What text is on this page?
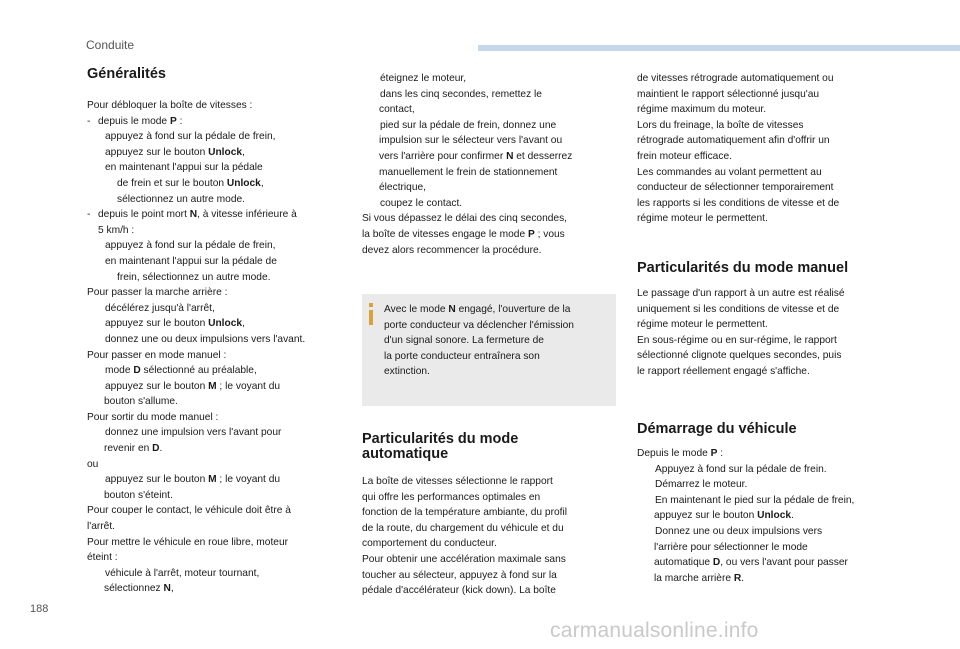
Conduite
Généralités
Pour débloquer la boîte de vitesses :
- depuis le mode P :
appuyez à fond sur la pédale de frein,
appuyez sur le bouton Unlock,
en maintenant l'appui sur la pédale
de frein et sur le bouton Unlock,
sélectionnez un autre mode.
- depuis le point mort N, à vitesse inférieure à
5 km/h :
appuyez à fond sur la pédale de frein,
en maintenant l'appui sur la pédale de
frein, sélectionnez un autre mode.
Pour passer la marche arrière :
décélérez jusqu'à l'arrêt,
appuyez sur le bouton Unlock,
donnez une ou deux impulsions vers l'avant.
Pour passer en mode manuel :
mode D sélectionné au préalable,
appuyez sur le bouton M ; le voyant du
bouton s'allume.
Pour sortir du mode manuel :
donnez une impulsion vers l'avant pour
revenir en D.
ou
appuyez sur le bouton M ; le voyant du
bouton s'éteint.
Pour couper le contact, le véhicule doit être à
l'arrêt.
Pour mettre le véhicule en roue libre, moteur
éteint :
véhicule à l'arrêt, moteur tournant,
sélectionnez N,
éteignez le moteur,
dans les cinq secondes, remettez le
contact,
pied sur la pédale de frein, donnez une
impulsion sur le sélecteur vers l'avant ou
vers l'arrière pour confirmer N et desserrez
manuellement le frein de stationnement
électrique,
coupez le contact.
Si vous dépassez le délai des cinq secondes,
la boîte de vitesses engage le mode P ; vous
devez alors recommencer la procédure.
Avec le mode N engagé, l'ouverture de la
porte conducteur va déclencher l'émission
d'un signal sonore. La fermeture de
la porte conducteur entraînera son
extinction.
Particularités du mode
automatique
La boîte de vitesses sélectionne le rapport
qui offre les performances optimales en
fonction de la température ambiante, du profil
de la route, du chargement du véhicule et du
comportement du conducteur.
Pour obtenir une accélération maximale sans
toucher au sélecteur, appuyez à fond sur la
pédale d'accélérateur (kick down). La boîte
de vitesses rétrograde automatiquement ou
maintient le rapport sélectionné jusqu'au
régime maximum du moteur.
Lors du freinage, la boîte de vitesses
rétrograde automatiquement afin d'offrir un
frein moteur efficace.
Les commandes au volant permettent au
conducteur de sélectionner temporairement
les rapports si les conditions de vitesse et de
régime moteur le permettent.
Particularités du mode manuel
Le passage d'un rapport à un autre est réalisé
uniquement si les conditions de vitesse et de
régime moteur le permettent.
En sous-régime ou en sur-régime, le rapport
sélectionné clignote quelques secondes, puis
le rapport réellement engagé s'affiche.
Démarrage du véhicule
Depuis le mode P :
Appuyez à fond sur la pédale de frein.
Démarrez le moteur.
En maintenant le pied sur la pédale de frein,
appuyez sur le bouton Unlock.
Donnez une ou deux impulsions vers
l'arrière pour sélectionner le mode
automatique D, ou vers l'avant pour passer
la marche arrière R.
188
carmanualsonline.info
